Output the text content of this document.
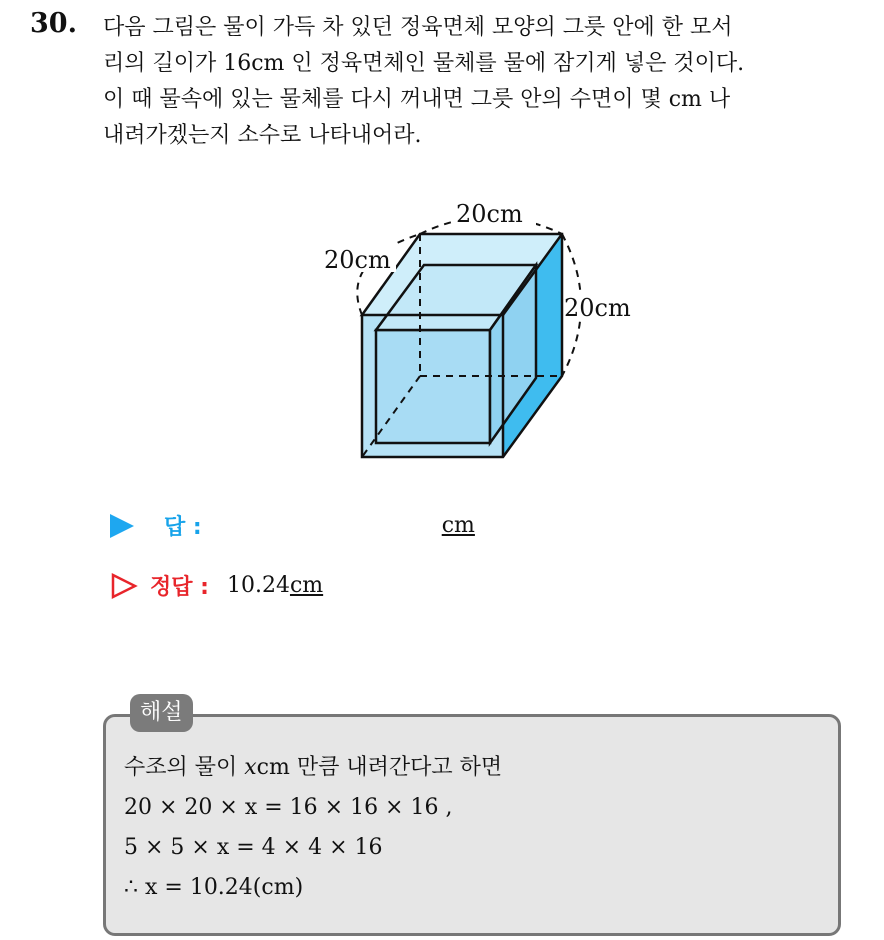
30. 다음 그림은 물이 가득 차 있던 정육면체 모양의 그릇 안에 한 모서
리의 길이가 16cm 인 정육면체인 물체를 물에 잠기게 넣은 것이다.
이 때 물속에 있는 물체를 다시 꺼내면 그릇 안의 수면이 몇 cm 나
내려가겠는지 소수로 나타내어라.
20cm
20cm
20cm
답 :	cm
정답 : 10.24 cm
해설
수조의 물이 xcm 만큼 내려간다고 하면
20 × 20 × x = 16 × 16 × 16 ,
5 × 5 × x = 4 × 4 × 16
∴ x = 10.24(cm)
